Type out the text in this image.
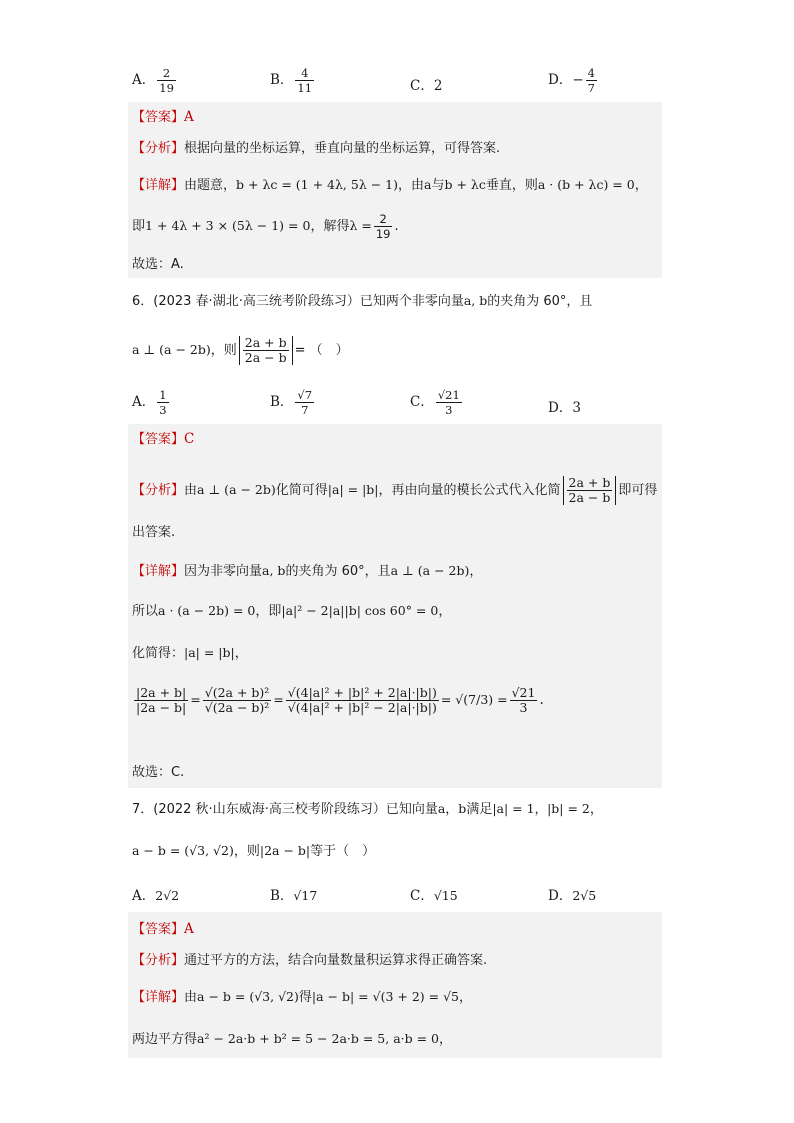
A． $\frac{2}{19}$	B． $\frac{4}{11}$	C．2	D．− $\frac{4}{7}$
【答案】A
【分析】根据向量的坐标运算，垂直向量的坐标运算，可得答案.
【详解】由题意，b + λc = (1 + 4λ, 5λ − 1)，由a与b + λc垂直，则a · (b + λc) = 0，
即1 + 4λ + 3 × (5λ − 1) = 0，解得$\lambda = \frac{2}{19}$ .
故选：A.
6．(2023 春·湖北·高三统考阶段练习）已知两个非零向量a, b的夹角为 60°，且
a ⊥ (a − 2b)，则 $\frac{2a + b}{2a - b}$ = （　）
A． $\frac{1}{3}$	B． $\frac{√7}{7}$	C． $\frac{√21}{3}$	D．3
【答案】C
【分析】由a ⊥ (a − 2b)化简可得|a| = |b|，再由向量的模长公式代入化简 $\frac{2a + b}{2a - b}$ 即可得
出答案.
【详解】因为非零向量a, b的夹角为 60°，且a ⊥ (a − 2b)，
所以a · (a − 2b) = 0，即|a|² − 2|a||b| cos 60° = 0，
化简得：|a| = |b|，
$\frac{|2a + b|}{|2a - b|} = \frac{\text{√(2a + b)²}}{\text{√(2a − b)²}} = \frac{\text{√(4|a|² + |b|² + 2|a|·|b|)}}{\text{√(4|a|² + |b|² − 2|a|·|b|)}} = √(7/3) = \frac{√21}{3}$ .
故选：C.
7．(2022 秋·山东威海·高三校考阶段练习）已知向量a，b满足|a| = 1，|b| = 2，
a − b = (√3, √2)，则|2a − b|等于（　）
A．2√2	B．√17	C．√15	D．2√5
【答案】A
【分析】通过平方的方法，结合向量数量积运算求得正确答案.
【详解】由a − b = (√3, √2)得|a − b| = √(3 + 2) = √5，
两边平方得a² − 2a·b + b² = 5 − 2a·b = 5, a·b = 0，
